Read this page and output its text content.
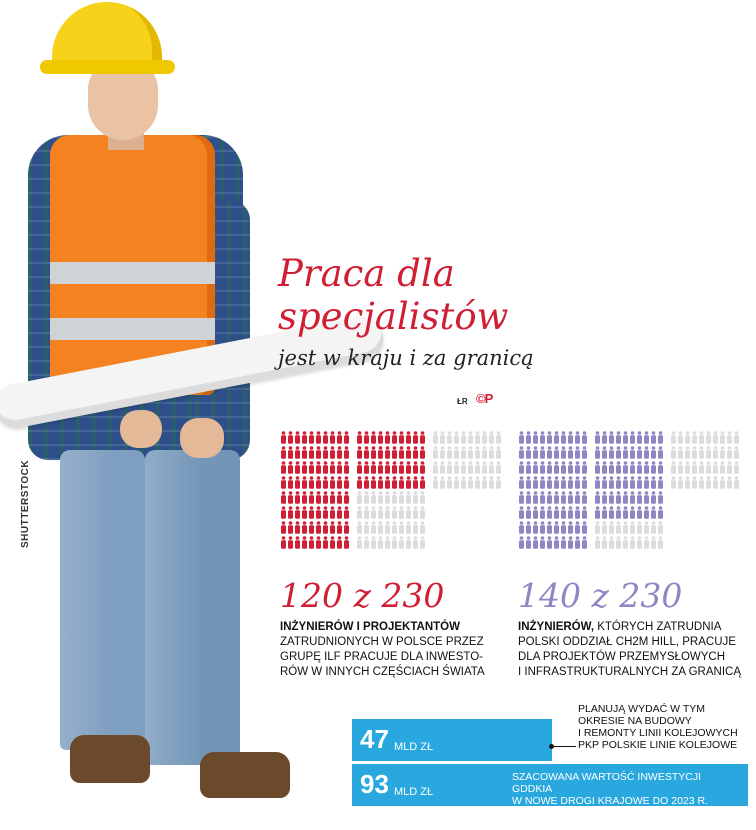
SHUTTERSTOCK
Praca dla
specjalistów

jest w kraju i za granicą

ŁR ©P

120 z 230

INŻYNIERÓW I PROJEKTANTÓW
ZATRUDNIONYCH W POLSCE PRZEZ
GRUPĘ ILF PRACUJE DLA INWESTO-
RÓW W INNYCH CZĘŚCIACH ŚWIATA

140 z 230

INŻYNIERÓW, KTÓRYCH ZATRUDNIA
POLSKI ODDZIAŁ CH2M HILL, PRACUJE
DLA PROJEKTÓW PRZEMYSŁOWYCH
I INFRASTRUKTURALNYCH ZA GRANICĄ
47 MLD ZŁ
PLANUJĄ WYDAĆ W TYM
OKRESIE NA BUDOWY
I REMONTY LINII KOLEJOWYCH
PKP POLSKIE LINIE KOLEJOWE
93 MLD ZŁ
SZACOWANA WARTOŚĆ INWESTYCJI GDDKIA
W NOWE DROGI KRAJOWE DO 2023 R.
